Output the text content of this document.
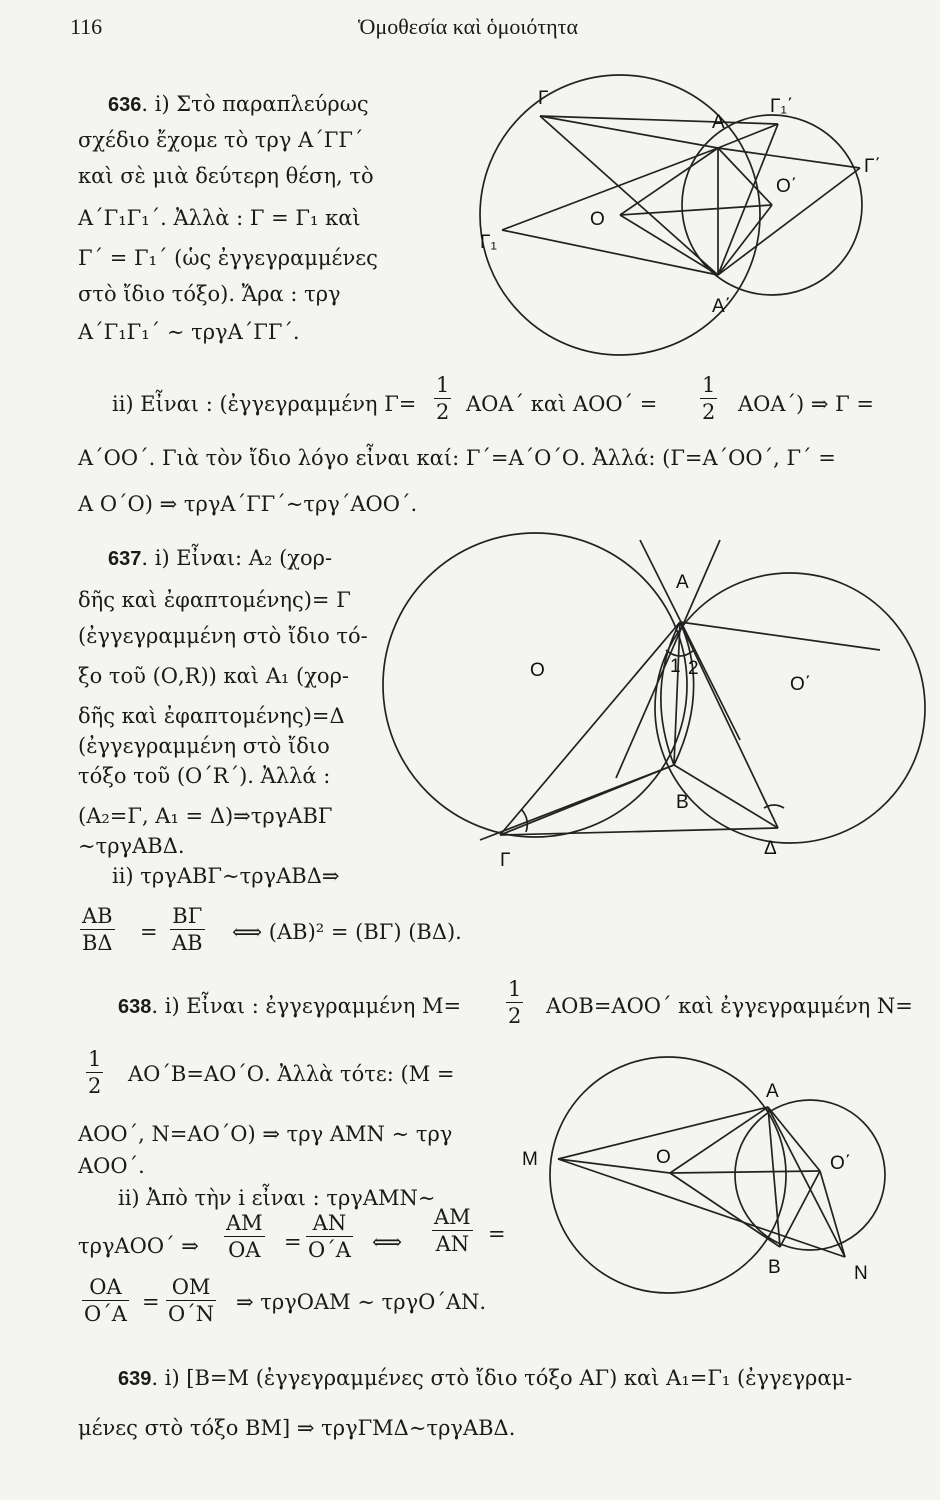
116	Ὁμοθεσία καὶ ὁμοιότητα
636. i) Στὸ παραπλεύρως
σχέδιο ἔχομε τὸ τργ Α΄ΓΓ΄
καὶ σὲ μιὰ δεύτερη θέση, τὸ
Α΄Γ₁Γ₁΄. Ἀλλὰ : Γ = Γ₁ καὶ
Γ΄ = Γ₁΄ (ὡς ἐγγεγραμμένες
στὸ ἴδιο τόξο). Ἄρα : τργ
Α΄Γ₁Γ₁΄ ∼ τργΑ΄ΓΓ΄.
ii) Εἶναι : (ἐγγεγραμμένη $\Gamma= \frac{1}{2} AOA΄$ καὶ $AOO΄ = \frac{1}{2} AOA΄$) ⇒ Γ =
Α΄ΟΟ΄. Γιὰ τὸν ἴδιο λόγο εἶναι καί: Γ΄=Α΄Ο΄Ο. Ἀλλά: (Γ=Α΄ΟΟ΄, Γ΄ =
Α Ο΄Ο) ⇒ τργΑ΄ΓΓ΄∼τργ΄ΑΟΟ΄.
637. i) Εἶναι: Α₂ (χορ-
δῆς καὶ ἐφαπτομένης)= Γ
(ἐγγεγραμμένη στὸ ἴδιο τό-
ξο τοῦ (Ο,R)) καὶ Α₁ (χορ-
δῆς καὶ ἐφαπτομένης)=Δ
(ἐγγεγραμμένη στὸ ἴδιο
τόξο τοῦ (Ο΄R΄). Ἀλλά :
(Α₂=Γ, Α₁ = Δ)⇒τργΑΒΓ
∼τργΑΒΔ.
ii) τργΑΒΓ∼τργΑΒΔ⇒
$\frac{AB}{B\Delta} = \frac{B\Gamma}{AB}$ ⟺ (ΑΒ)² = (ΒΓ) (ΒΔ).
638. i) Εἶναι : ἐγγεγραμμένη $M= \frac{1}{2} AOB=AOO΄$ καὶ ἐγγεγραμμένη Ν=
$\frac{1}{2} AO΄B=AO΄O$. Ἀλλὰ τότε: (Μ =
ΑΟΟ΄, Ν=ΑΟ΄Ο) ⇒ τργ ΑΜΝ ∼ τργ
ΑΟΟ΄.
ii) Ἀπὸ τὴν i εἶναι : τργΑΜΝ∼
τργΑΟΟ΄ ⇒ $\frac{AM}{OA} = \frac{AN}{O΄A}$ ⟺ $\frac{AM}{AN}$ =
$\frac{OA}{O΄A} = \frac{OM}{O΄N}$ ⇒ τργΟΑΜ ∼ τργΟ΄ΑΝ.
639. i) [Β=Μ (ἐγγεγραμμένες στὸ ἴδιο τόξο ΑΓ) καὶ Α₁=Γ₁ (ἐγγεγραμ-
μένες στὸ τόξο ΒΜ] ⇒ τργΓΜΔ∼τργΑΒΔ.
Γ
Α
Γ₁΄
Γ΄
Ο΄
Ο
Γ₁
Α΄
Α
Ο
Ο΄
1 2
Β
Γ
Δ
Α
Μ	Ο	Ο΄
Β	Ν
